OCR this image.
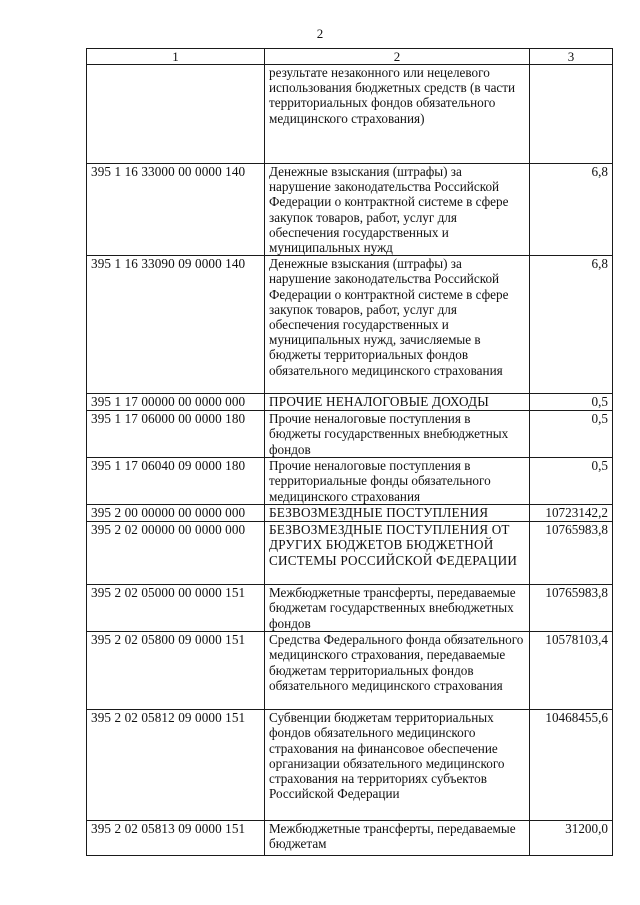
2
1	2	3
	результате незаконного или нецелевого использования бюджетных средств (в части территориальных фондов обязательного медицинского страхования)	
395 1 16 33000 00 0000 140	Денежные взыскания (штрафы) за нарушение законодательства Российской Федерации о контрактной системе в сфере закупок товаров, работ, услуг для обеспечения государственных и муниципальных нужд	6,8
395 1 16 33090 09 0000 140	Денежные взыскания (штрафы) за нарушение законодательства Российской Федерации о контрактной системе в сфере закупок товаров, работ, услуг для обеспечения государственных и муниципальных нужд, зачисляемые в бюджеты территориальных фондов обязательного медицинского страхования	6,8
395 1 17 00000 00 0000 000	ПРОЧИЕ НЕНАЛОГОВЫЕ ДОХОДЫ	0,5
395 1 17 06000 00 0000 180	Прочие неналоговые поступления в бюджеты государственных внебюджетных фондов	0,5
395 1 17 06040 09 0000 180	Прочие неналоговые поступления в территориальные фонды обязательного медицинского страхования	0,5
395 2 00 00000 00 0000 000	БЕЗВОЗМЕЗДНЫЕ ПОСТУПЛЕНИЯ	10723142,2
395 2 02 00000 00 0000 000	БЕЗВОЗМЕЗДНЫЕ ПОСТУПЛЕНИЯ ОТ ДРУГИХ БЮДЖЕТОВ БЮДЖЕТНОЙ СИСТЕМЫ РОССИЙСКОЙ ФЕДЕРАЦИИ	10765983,8
395 2 02 05000 00 0000 151	Межбюджетные трансферты, передаваемые бюджетам государственных внебюджетных фондов	10765983,8
395 2 02 05800 09 0000 151	Средства Федерального фонда обязательного медицинского страхования, передаваемые бюджетам территориальных фондов обязательного медицинского страхования	10578103,4
395 2 02 05812 09 0000 151	Субвенции бюджетам территориальных фондов обязательного медицинского страхования на финансовое обеспечение организации обязательного медицинского страхования на территориях субъектов Российской Федерации	10468455,6
395 2 02 05813 09 0000 151	Межбюджетные трансферты, передаваемые бюджетам	31200,0
